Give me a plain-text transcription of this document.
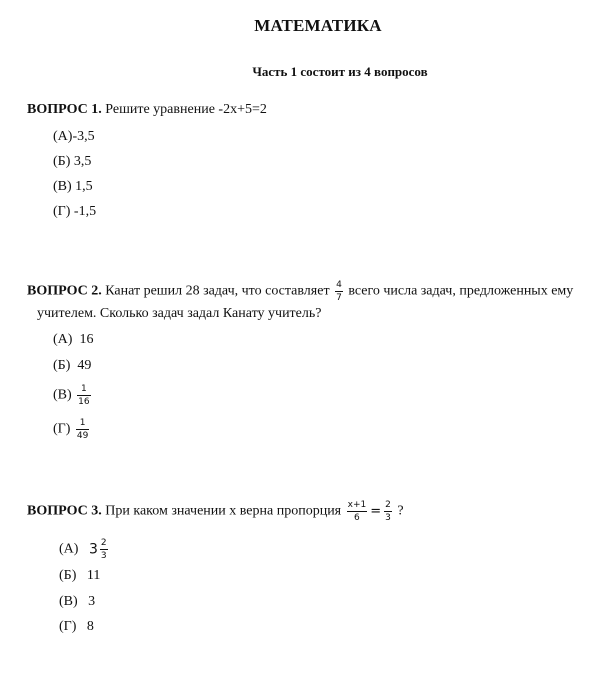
МАТЕМАТИКА
Часть 1 состоит из 4 вопросов
ВОПРОС 1. Решите уравнение -2x+5=2
(А)-3,5
(Б) 3,5
(В) 1,5
(Г) -1,5
ВОПРОС 2. Канат решил 28 задач, что составляет $\frac{4}{7}$ всего числа задач, предложенных ему
учителем. Сколько задач задал Канату учитель?
(А) 16
(Б) 49
$(В) \frac{1}{16}$
$(Г) \frac{1}{49}$
ВОПРОС 3. При каком значении x верна пропорция $\frac{x+1}{6} = \frac{2}{3}$ ?
(А) $3 \frac{2}{3}$
(Б) 11
(В) 3
(Г) 8
